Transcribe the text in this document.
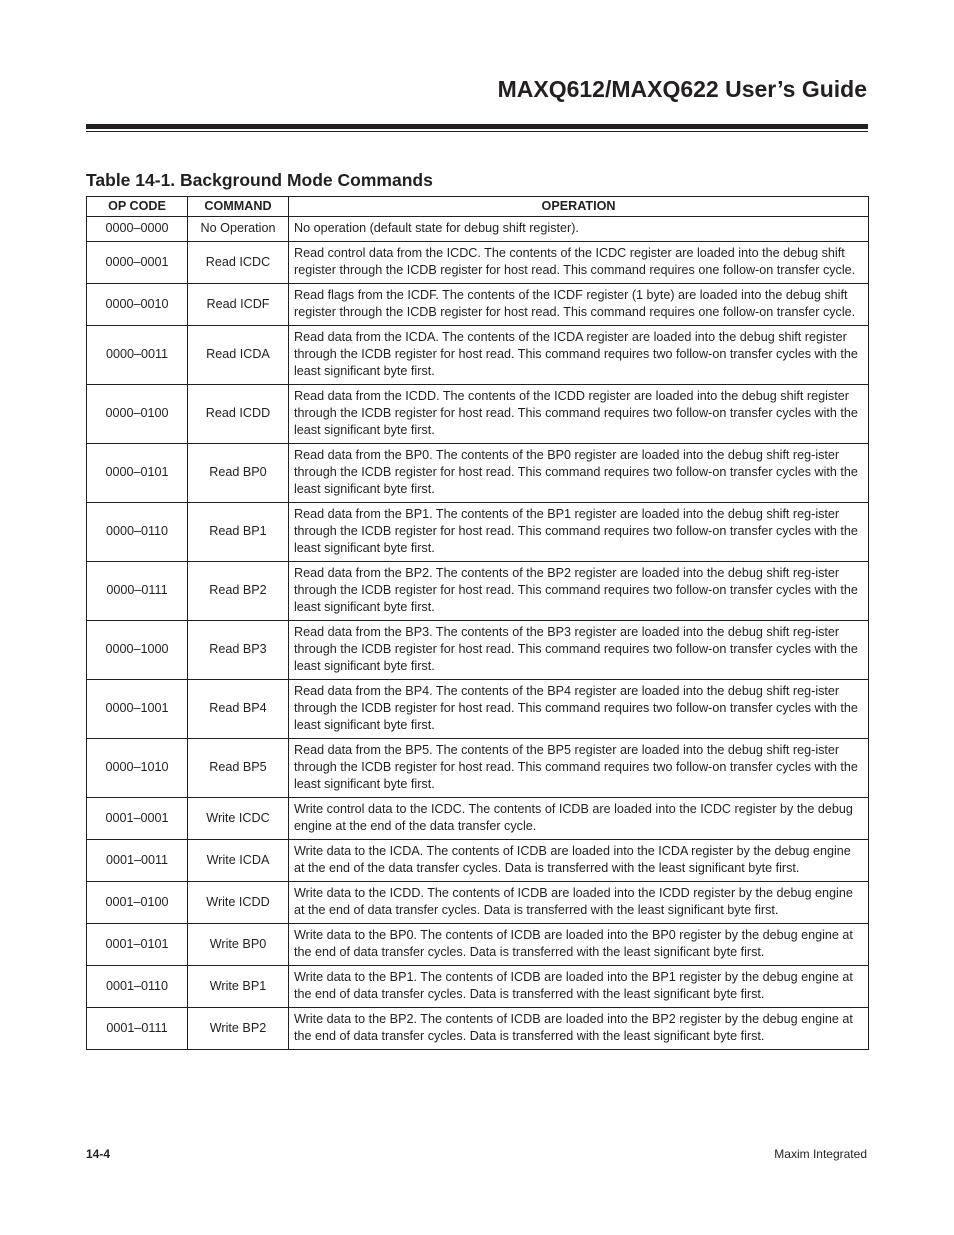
MAXQ612/MAXQ622 User’s Guide
Table 14-1. Background Mode Commands
OP CODE	COMMAND	OPERATION
0000–0000	No Operation	No operation (default state for debug shift register).
0000–0001	Read ICDC	Read control data from the ICDC. The contents of the ICDC register are loaded into the debug shift register through the ICDB register for host read. This command requires one follow-on transfer cycle.
0000–0010	Read ICDF	Read flags from the ICDF. The contents of the ICDF register (1 byte) are loaded into the debug shift register through the ICDB register for host read. This command requires one follow-on transfer cycle.
0000–0011	Read ICDA	Read data from the ICDA. The contents of the ICDA register are loaded into the debug shift register through the ICDB register for host read. This command requires two follow-on transfer cycles with the least significant byte first.
0000–0100	Read ICDD	Read data from the ICDD. The contents of the ICDD register are loaded into the debug shift register through the ICDB register for host read. This command requires two follow-on transfer cycles with the least significant byte first.
0000–0101	Read BP0	Read data from the BP0. The contents of the BP0 register are loaded into the debug shift reg-ister through the ICDB register for host read. This command requires two follow-on transfer cycles with the least significant byte first.
0000–0110	Read BP1	Read data from the BP1. The contents of the BP1 register are loaded into the debug shift reg-ister through the ICDB register for host read. This command requires two follow-on transfer cycles with the least significant byte first.
0000–0111	Read BP2	Read data from the BP2. The contents of the BP2 register are loaded into the debug shift reg-ister through the ICDB register for host read. This command requires two follow-on transfer cycles with the least significant byte first.
0000–1000	Read BP3	Read data from the BP3. The contents of the BP3 register are loaded into the debug shift reg-ister through the ICDB register for host read. This command requires two follow-on transfer cycles with the least significant byte first.
0000–1001	Read BP4	Read data from the BP4. The contents of the BP4 register are loaded into the debug shift reg-ister through the ICDB register for host read. This command requires two follow-on transfer cycles with the least significant byte first.
0000–1010	Read BP5	Read data from the BP5. The contents of the BP5 register are loaded into the debug shift reg-ister through the ICDB register for host read. This command requires two follow-on transfer cycles with the least significant byte first.
0001–0001	Write ICDC	Write control data to the ICDC. The contents of ICDB are loaded into the ICDC register by the debug engine at the end of the data transfer cycle.
0001–0011	Write ICDA	Write data to the ICDA. The contents of ICDB are loaded into the ICDA register by the debug engine at the end of the data transfer cycles. Data is transferred with the least significant byte first.
0001–0100	Write ICDD	Write data to the ICDD. The contents of ICDB are loaded into the ICDD register by the debug engine at the end of data transfer cycles. Data is transferred with the least significant byte first.
0001–0101	Write BP0	Write data to the BP0. The contents of ICDB are loaded into the BP0 register by the debug engine at the end of data transfer cycles. Data is transferred with the least significant byte first.
0001–0110	Write BP1	Write data to the BP1. The contents of ICDB are loaded into the BP1 register by the debug engine at the end of data transfer cycles. Data is transferred with the least significant byte first.
0001–0111	Write BP2	Write data to the BP2. The contents of ICDB are loaded into the BP2 register by the debug engine at the end of data transfer cycles. Data is transferred with the least significant byte first.
14-4	Maxim Integrated
